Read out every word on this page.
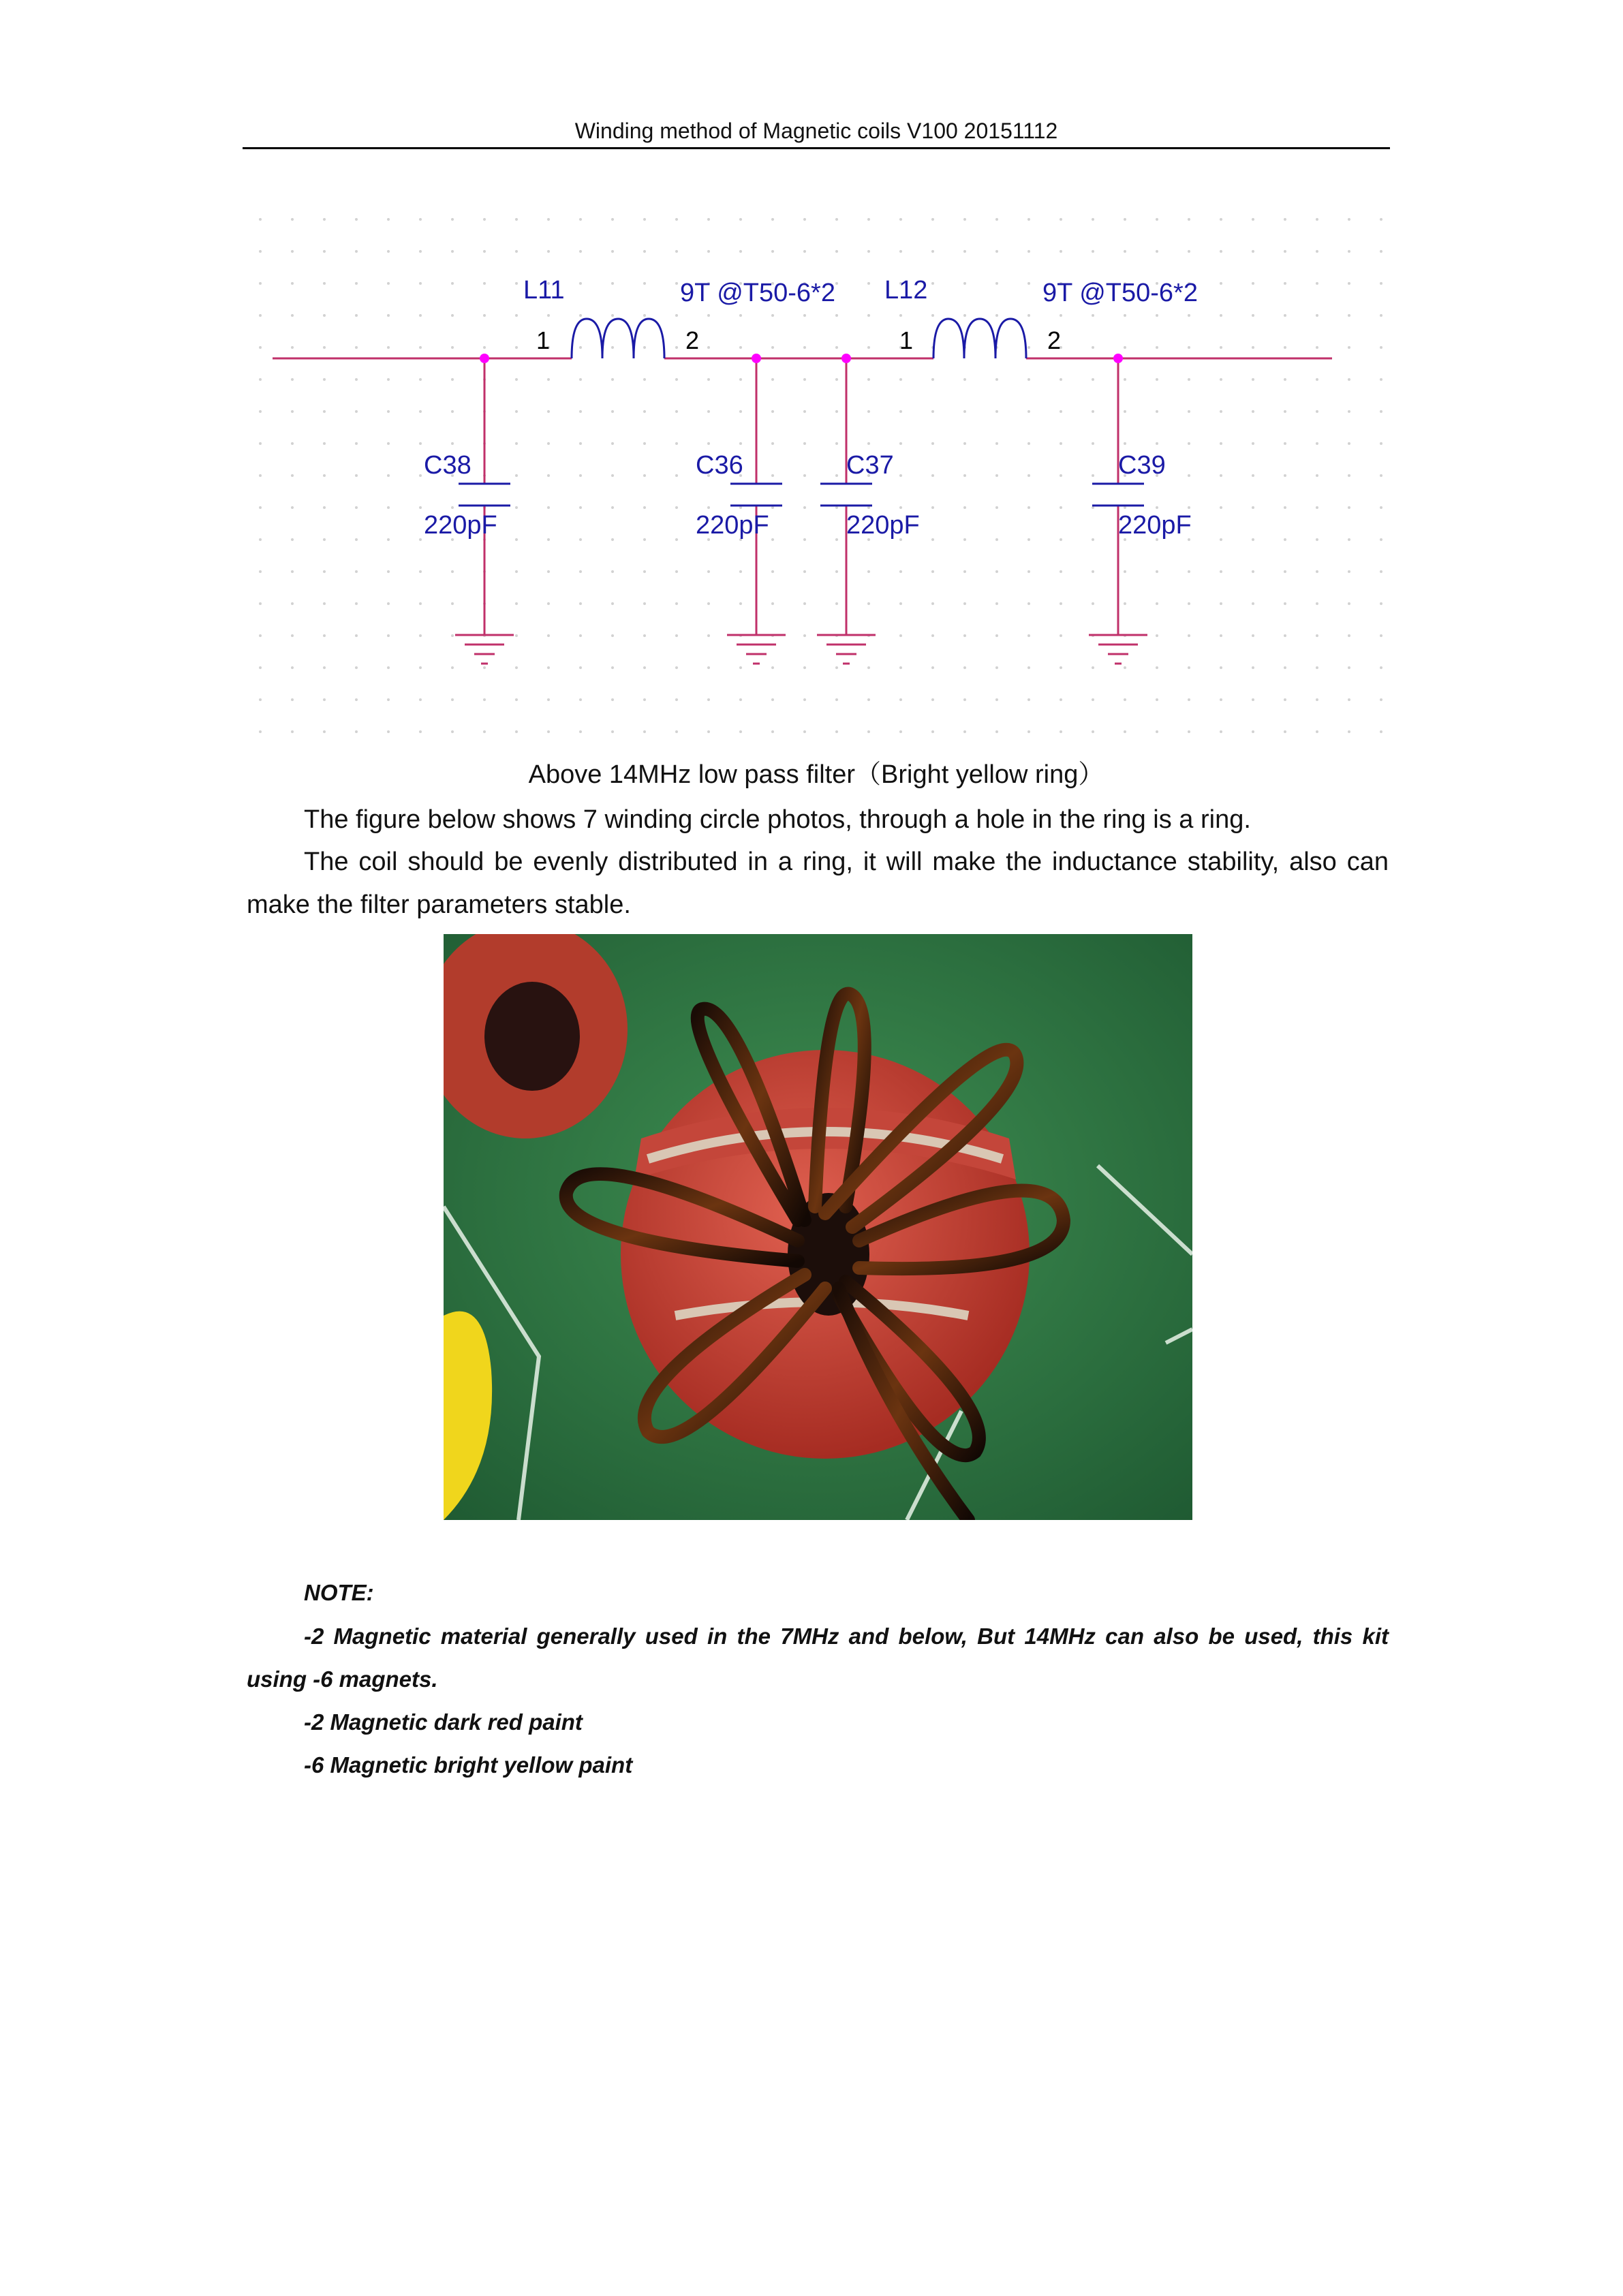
Winding method of Magnetic coils V100 20151112
L11	9T @T50-6*2
1	2
L12	9T @T50-6*2
1	2
C38
220pF
C36
220pF
C37
220pF
C39
220pF
Above 14MHz low pass filter（Bright yellow ring）

The figure below shows 7 winding circle photos, through a hole in the ring is a ring.

The coil should be evenly distributed in a ring, it will make the inductance stability, also can make the filter parameters stable.

NOTE:

-2 Magnetic material generally used in the 7MHz and below, But 14MHz can also be used, this kit using -6 magnets.

-2 Magnetic dark red paint

-6 Magnetic bright yellow paint
